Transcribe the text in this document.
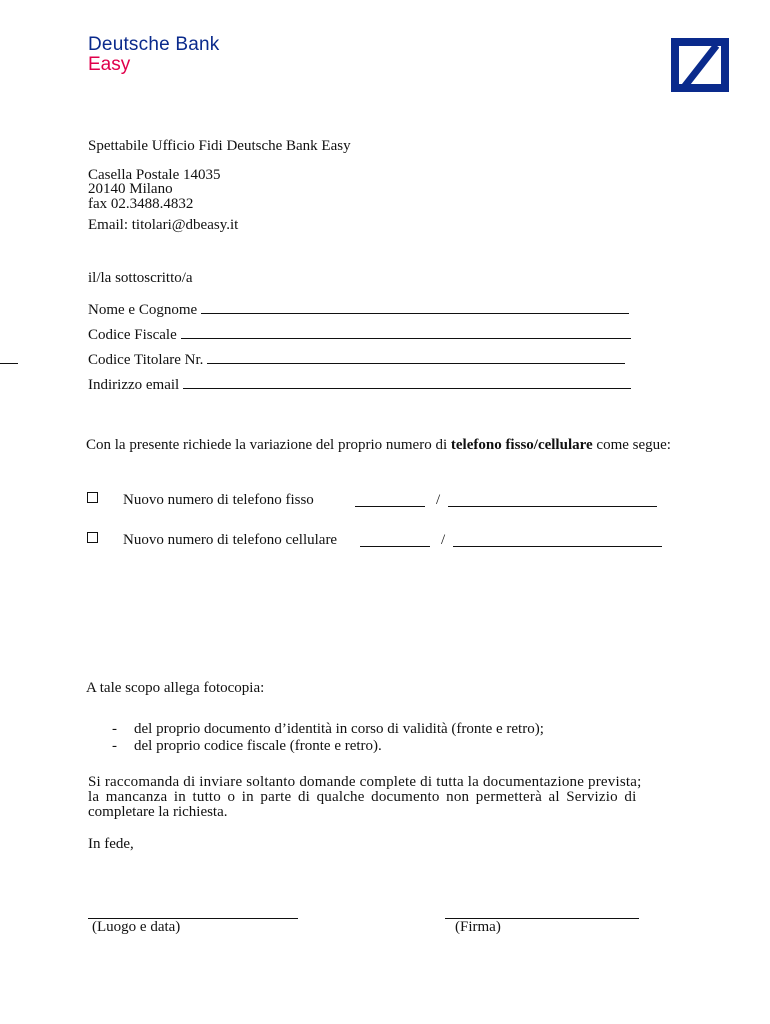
Deutsche Bank
Easy
Spettabile Ufficio Fidi Deutsche Bank Easy
Casella Postale 14035
20140 Milano
fax 02.3488.4832
Email: titolari@dbeasy.it
il/la sottoscritto/a
Nome e Cognome
Codice Fiscale
Codice Titolare Nr.
Indirizzo email
Con la presente richiede la variazione del proprio numero di telefono fisso/cellulare come segue:
Nuovo numero di telefono fisso	/
Nuovo numero di telefono cellulare	/
A tale scopo allega fotocopia:
- del proprio documento d’identità in corso di validità (fronte e retro);
- del proprio codice fiscale (fronte e retro).
Si raccomanda di inviare soltanto domande complete di tutta la documentazione prevista;
la mancanza in tutto o in parte di qualche documento non permetterà al Servizio di
completare la richiesta.
In fede,
(Luogo e data)	(Firma)
